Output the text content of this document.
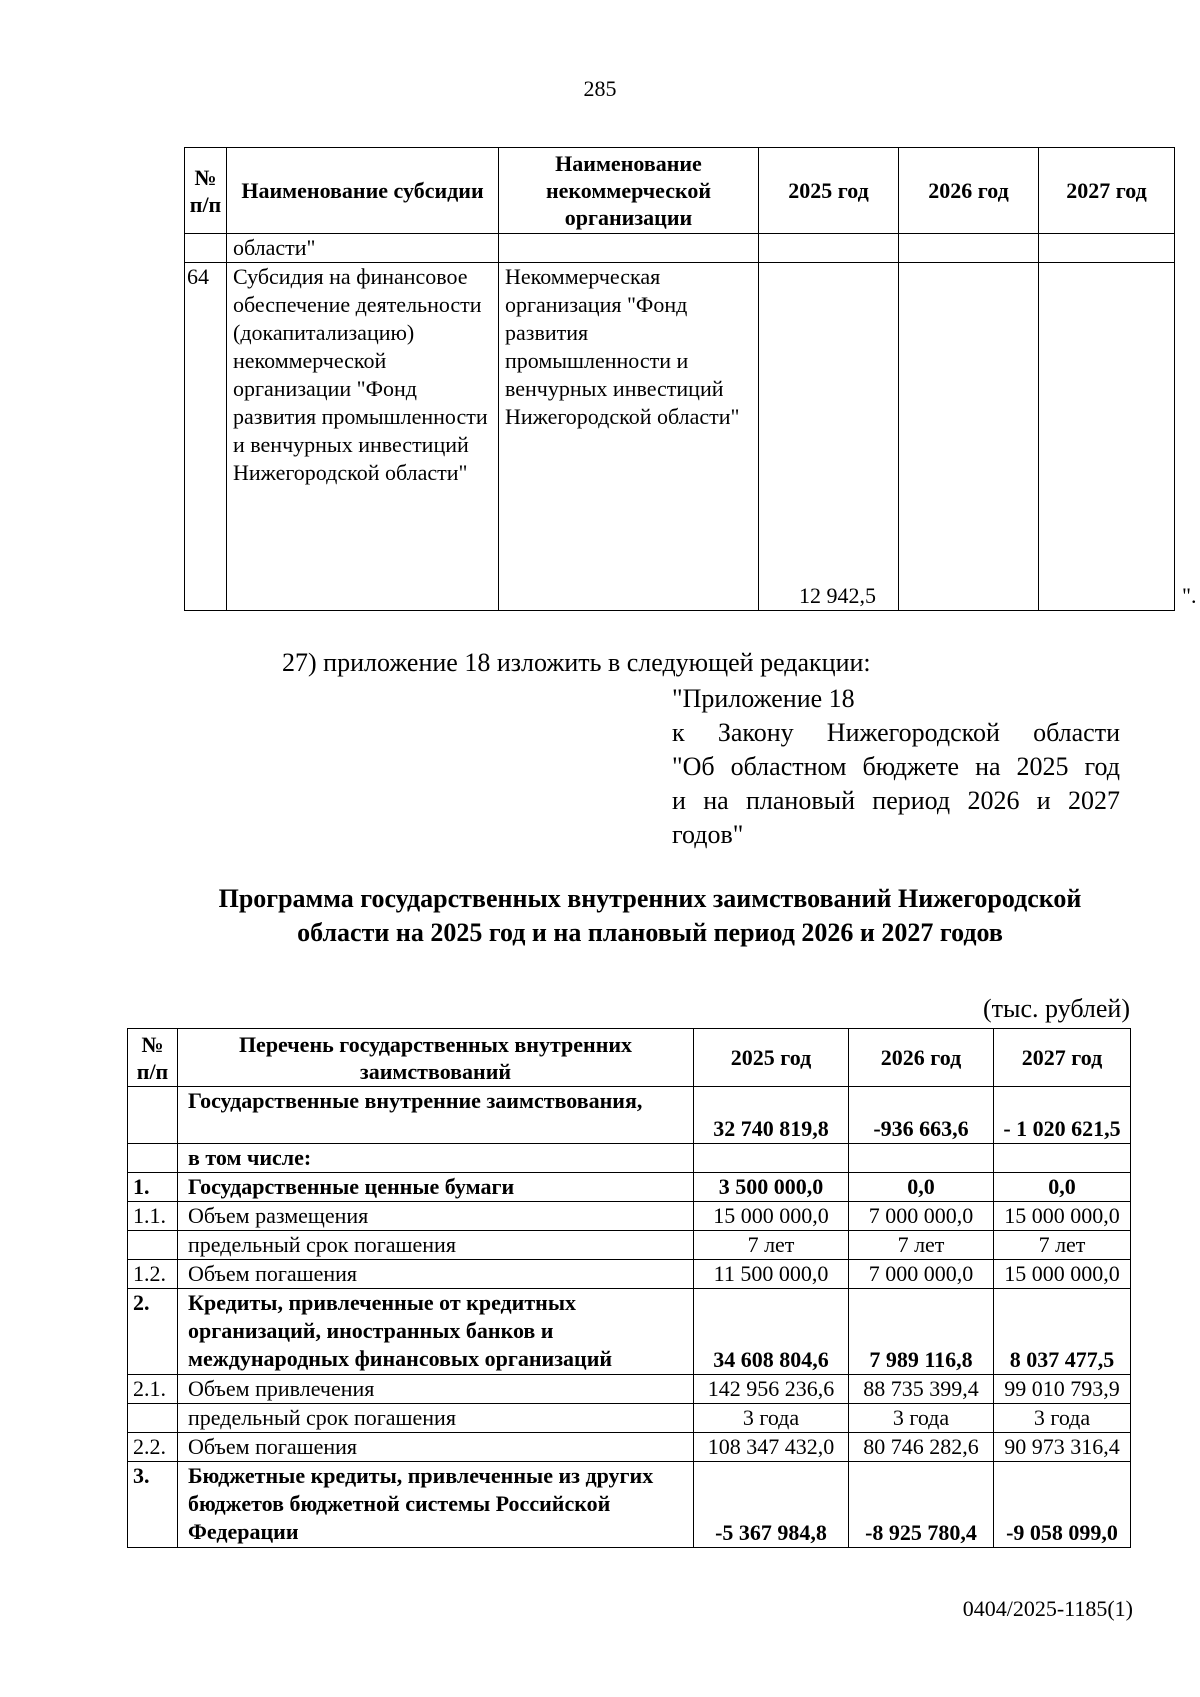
285
№ п/п	Наименование субсидии	Наименование некоммерческой организации	2025 год	2026 год	2027 год
	области"				
64	Субсидия на финансовое обеспечение деятельности (докапитализацию) некоммерческой организации "Фонд развития промышленности и венчурных инвестиций Нижегородской области"	Некоммерческая организация "Фонд развития промышленности и венчурных инвестиций Нижегородской области"	12 942,5			".
27) приложение 18 изложить в следующей редакции:
"Приложение 18
к Закону Нижегородской области
"Об областном бюджете на 2025 год
и на плановый период 2026 и 2027
годов"
Программа государственных внутренних заимствований Нижегородской области на 2025 год и на плановый период 2026 и 2027 годов
(тыс. рублей)
№ п/п	Перечень государственных внутренних заимствований	2025 год	2026 год	2027 год
	Государственные внутренние заимствования,	32 740 819,8	-936 663,6	- 1 020 621,5
	в том числе:			
1.	Государственные ценные бумаги	3 500 000,0	0,0	0,0
1.1.	Объем размещения	15 000 000,0	7 000 000,0	15 000 000,0
	предельный срок погашения	7 лет	7 лет	7 лет
1.2.	Объем погашения	11 500 000,0	7 000 000,0	15 000 000,0
2.	Кредиты, привлеченные от кредитных организаций, иностранных банков и международных финансовых организаций	34 608 804,6	7 989 116,8	8 037 477,5
2.1.	Объем привлечения	142 956 236,6	88 735 399,4	99 010 793,9
	предельный срок погашения	3 года	3 года	3 года
2.2.	Объем погашения	108 347 432,0	80 746 282,6	90 973 316,4
3.	Бюджетные кредиты, привлеченные из других бюджетов бюджетной системы Российской Федерации	-5 367 984,8	-8 925 780,4	-9 058 099,0
0404/2025-1185(1)
